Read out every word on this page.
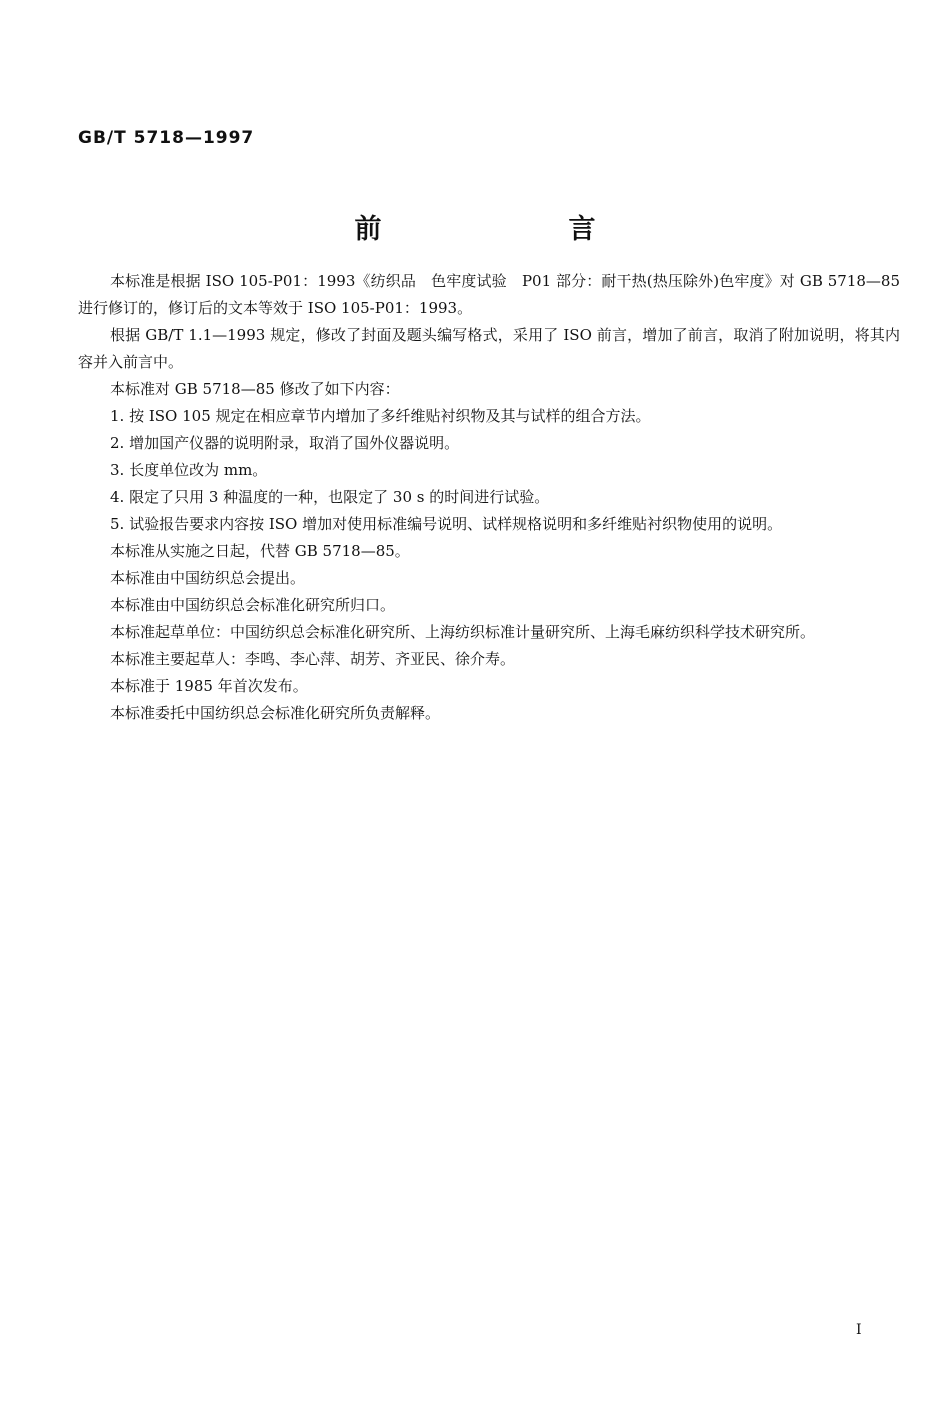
GB/T 5718—1997
前　言

本标准是根据 ISO 105-P01：1993《纺织品　色牢度试验　P01 部分：耐干热(热压除外)色牢度》对 GB 5718—85 进行修订的，修订后的文本等效于 ISO 105-P01：1993。

根据 GB/T 1.1—1993 规定，修改了封面及题头编写格式，采用了 ISO 前言，增加了前言，取消了附加说明，将其内容并入前言中。

本标准对 GB 5718—85 修改了如下内容：

1. 按 ISO 105 规定在相应章节内增加了多纤维贴衬织物及其与试样的组合方法。

2. 增加国产仪器的说明附录，取消了国外仪器说明。

3. 长度单位改为 mm。

4. 限定了只用 3 种温度的一种，也限定了 30 s 的时间进行试验。

5. 试验报告要求内容按 ISO 增加对使用标准编号说明、试样规格说明和多纤维贴衬织物使用的说明。

本标准从实施之日起，代替 GB 5718—85。

本标准由中国纺织总会提出。

本标准由中国纺织总会标准化研究所归口。

本标准起草单位：中国纺织总会标准化研究所、上海纺织标准计量研究所、上海毛麻纺织科学技术研究所。

本标准主要起草人：李鸣、李心萍、胡芳、齐亚民、徐介寿。

本标准于 1985 年首次发布。

本标准委托中国纺织总会标准化研究所负责解释。

I
